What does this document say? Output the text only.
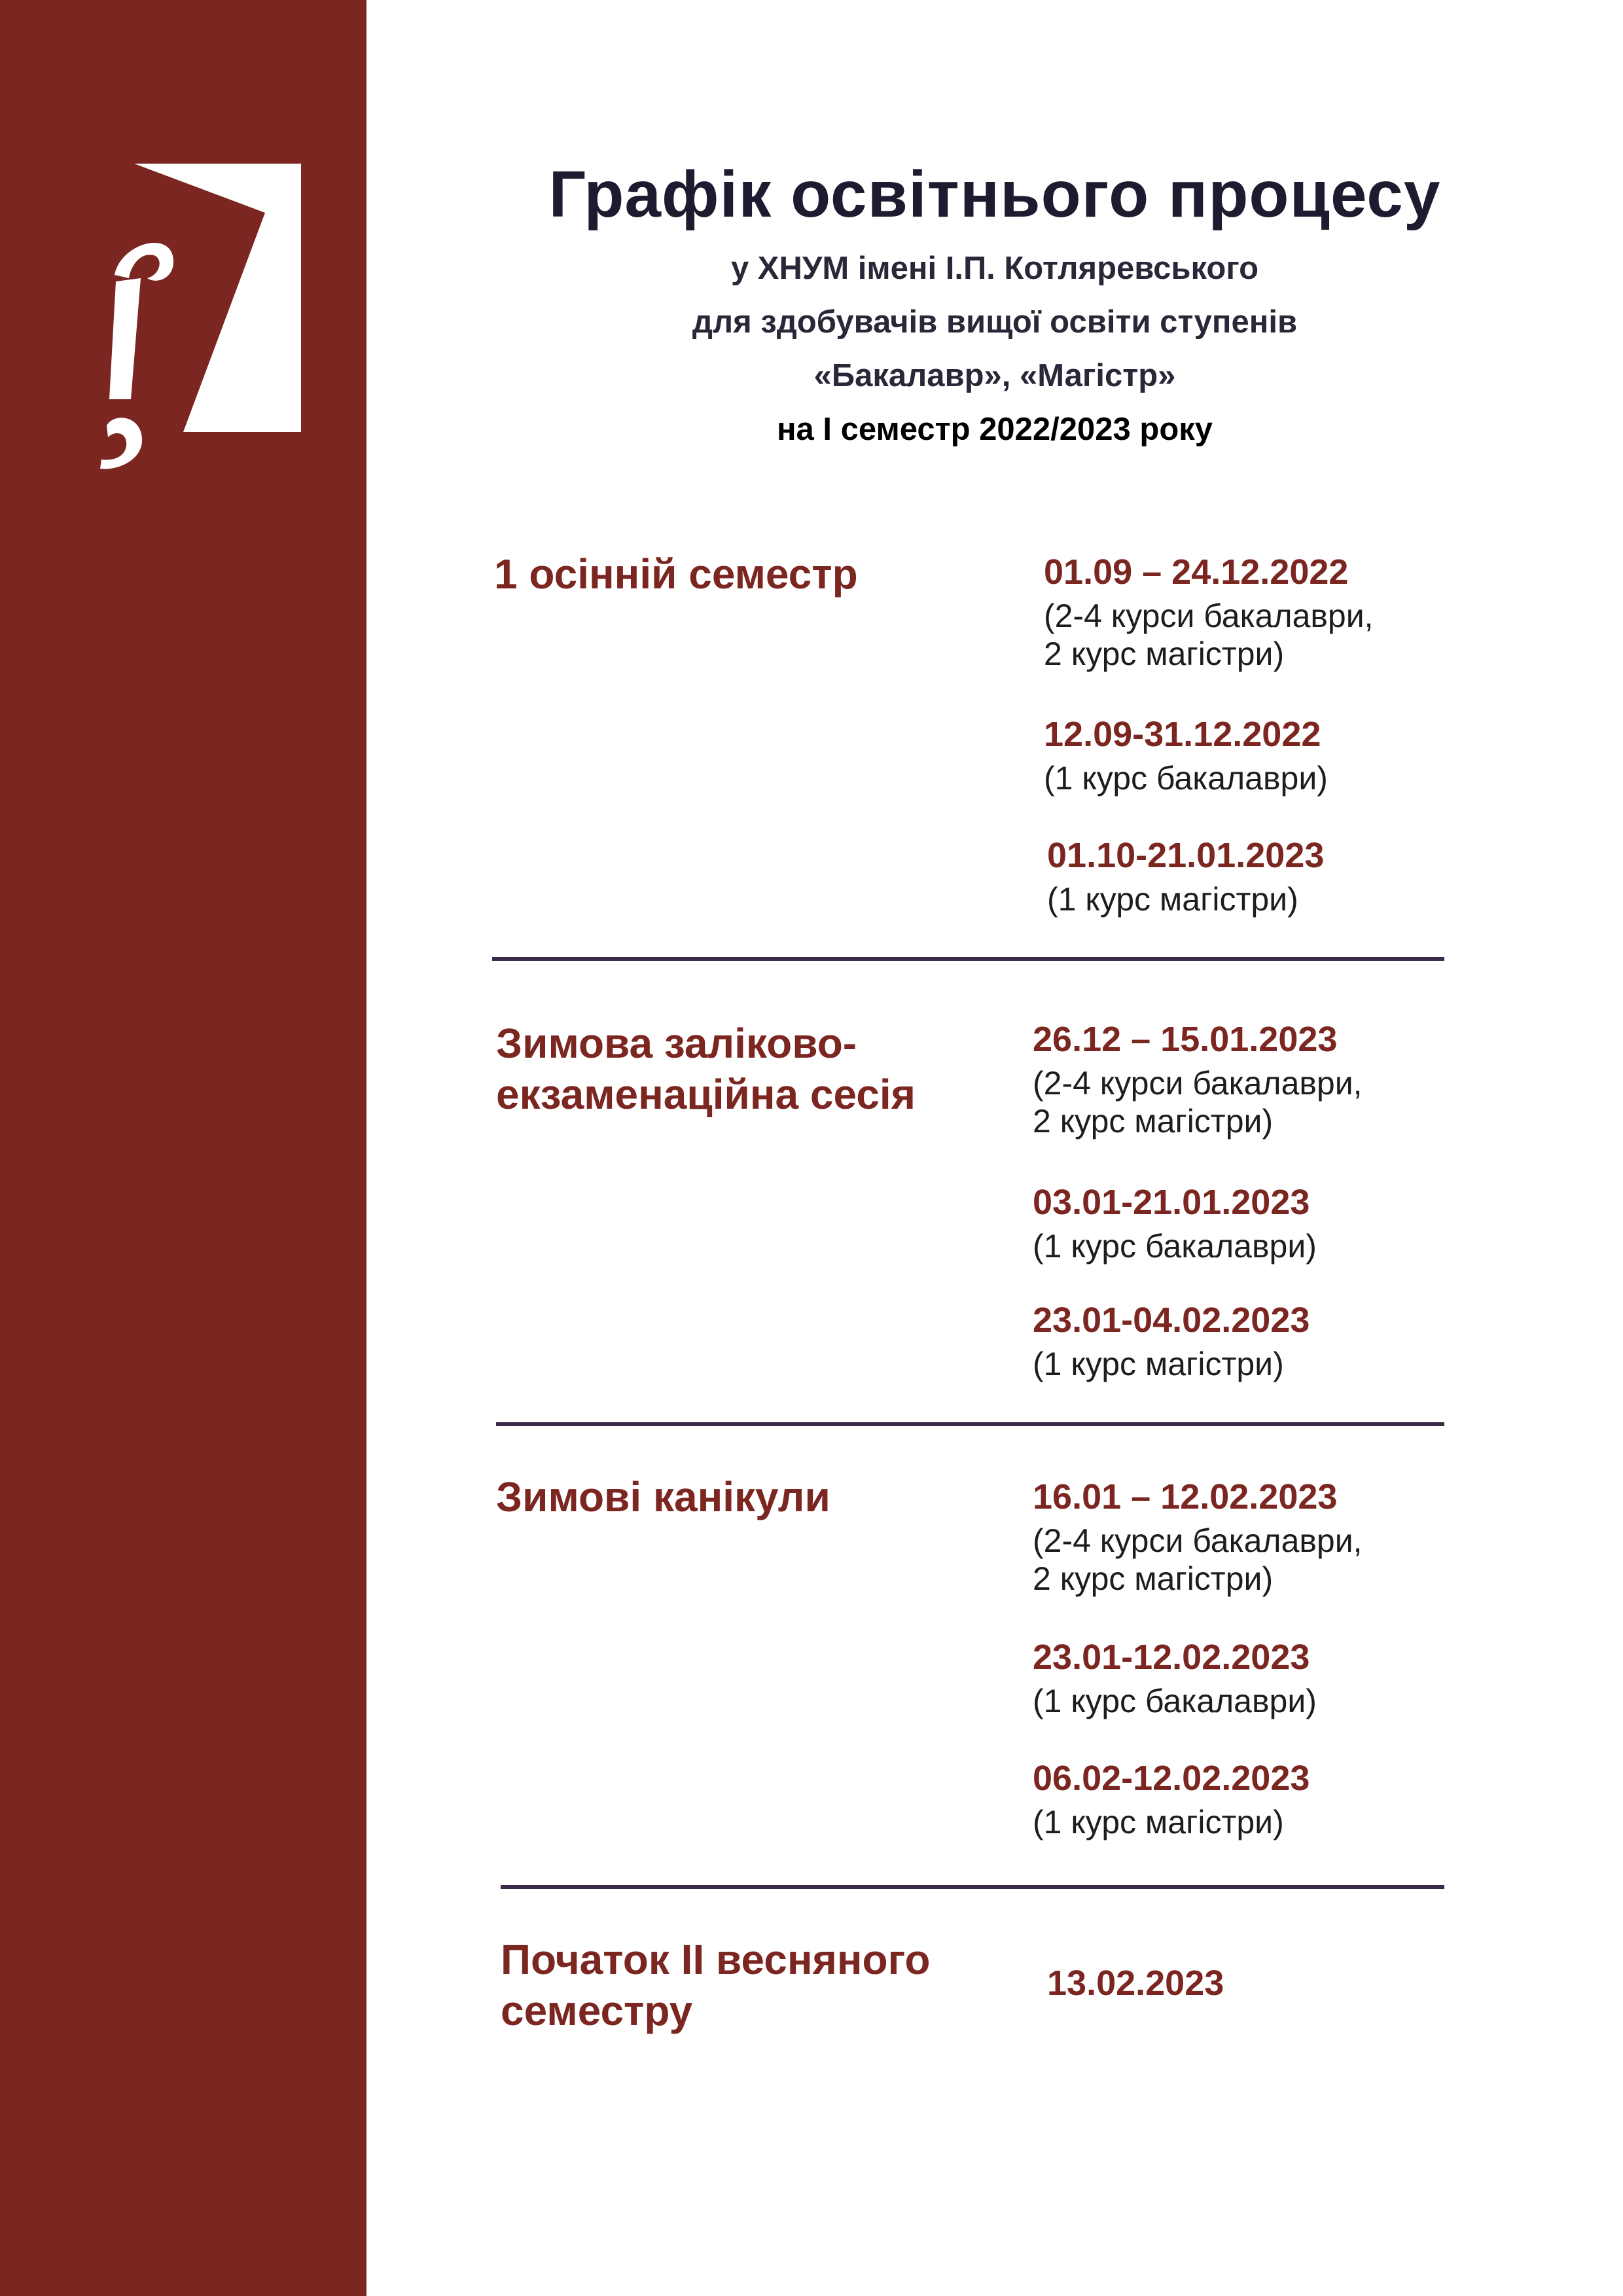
Графік освітнього процесу
у ХНУМ імені І.П. Котляревського
для здобувачів вищої освіти ступенів
«Бакалавр», «Магістр»
на I семестр 2022/2023 року
1 осінній семестр	01.09 – 24.12.2022
(2-4 курси бакалаври,
2 курс магістри)
12.09-31.12.2022
(1 курс бакалаври)
01.10-21.01.2023
(1 курс магістри)
Зимова заліково-
екзаменаційна сесія
26.12 – 15.01.2023
(2-4 курси бакалаври,
2 курс магістри)
03.01-21.01.2023
(1 курс бакалаври)
23.01-04.02.2023
(1 курс магістри)
Зимові канікули	16.01 – 12.02.2023
(2-4 курси бакалаври,
2 курс магістри)
23.01-12.02.2023
(1 курс бакалаври)
06.02-12.02.2023
(1 курс магістри)
Початок ІІ весняного
семестру
13.02.2023
